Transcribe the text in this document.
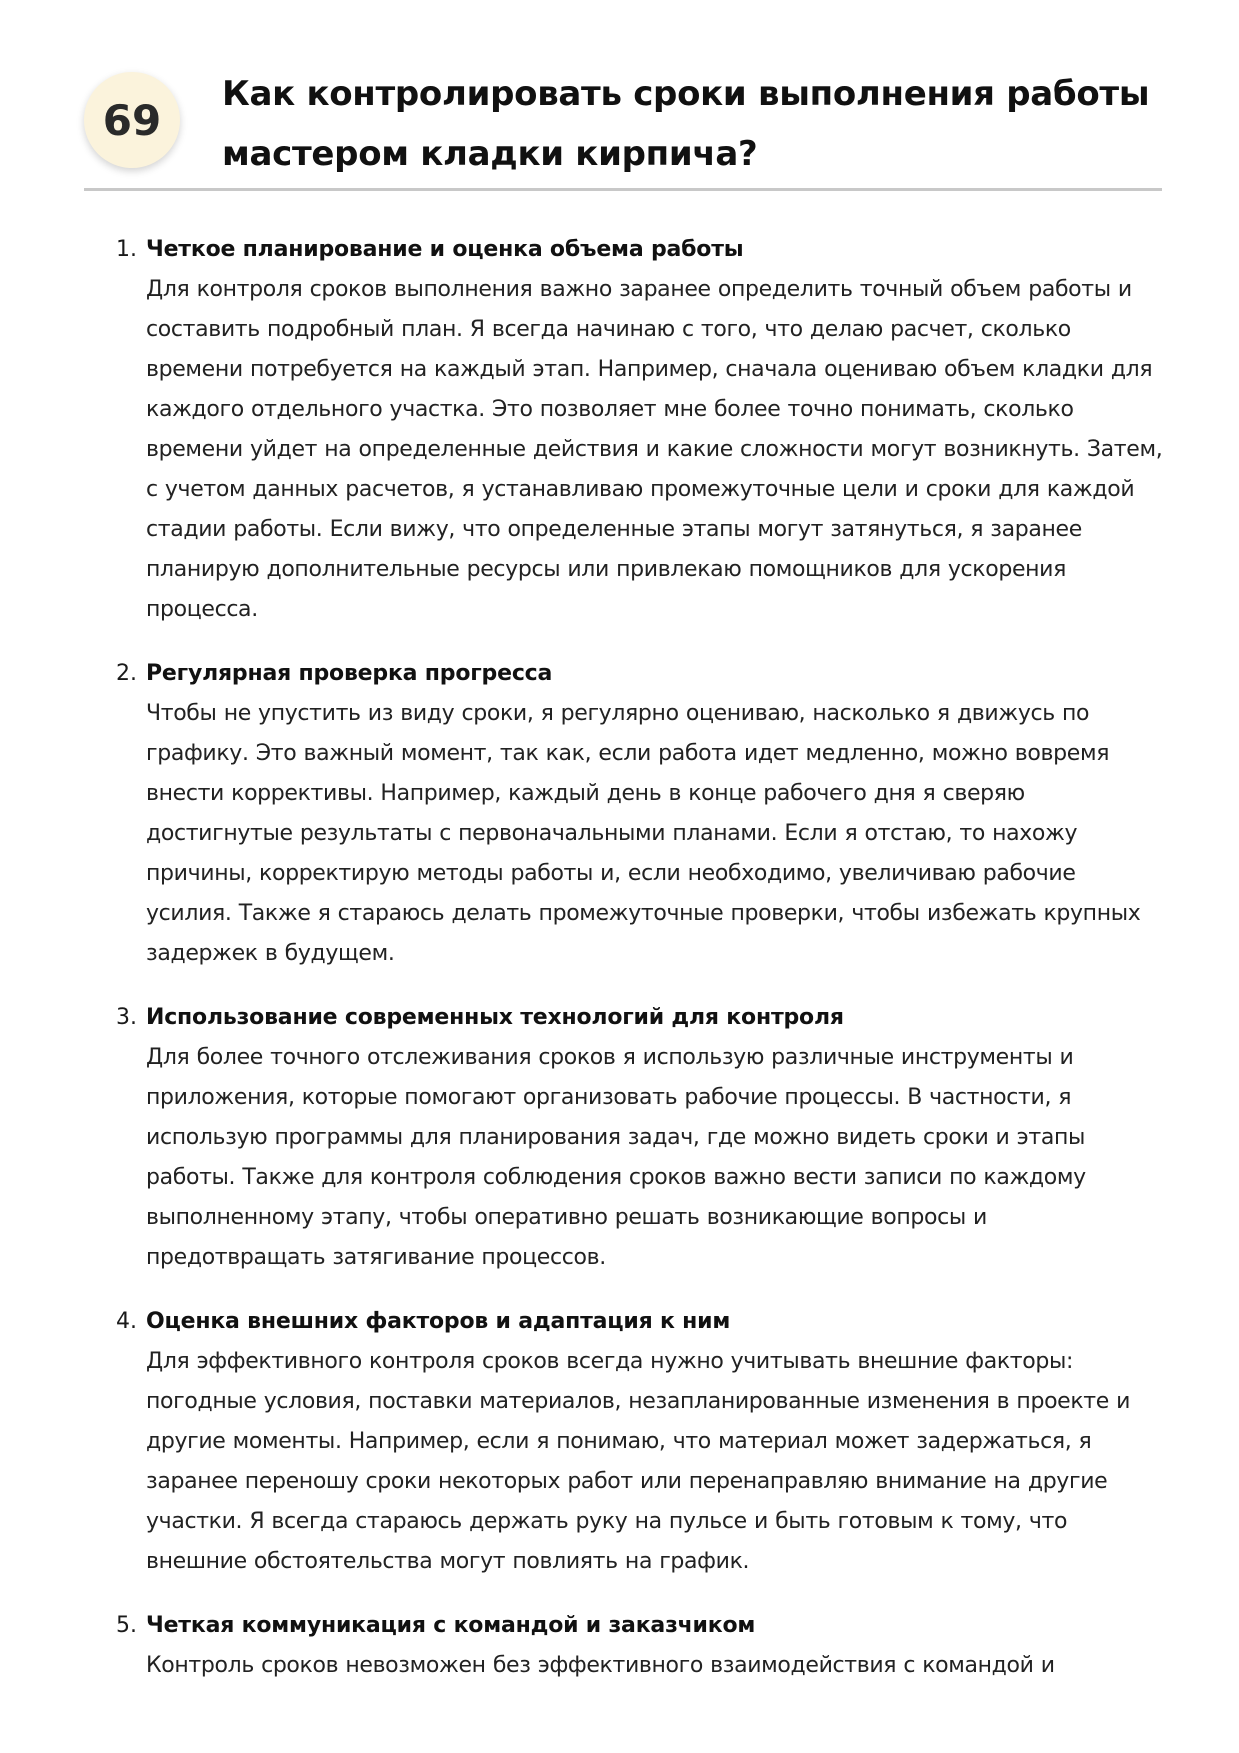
69
Как контролировать сроки выполнения работы мастером кладки кирпича?
1. Четкое планирование и оценка объема работы

Для контроля сроков выполнения важно заранее определить точный объем работы и составить подробный план. Я всегда начинаю с того, что делаю расчет, сколько времени потребуется на каждый этап. Например, сначала оцениваю объем кладки для каждого отдельного участка. Это позволяет мне более точно понимать, сколько времени уйдет на определенные действия и какие сложности могут возникнуть. Затем, с учетом данных расчетов, я устанавливаю промежуточные цели и сроки для каждой стадии работы. Если вижу, что определенные этапы могут затянуться, я заранее планирую дополнительные ресурсы или привлекаю помощников для ускорения процесса.

2. Регулярная проверка прогресса

Чтобы не упустить из виду сроки, я регулярно оцениваю, насколько я движусь по графику. Это важный момент, так как, если работа идет медленно, можно вовремя внести коррективы. Например, каждый день в конце рабочего дня я сверяю достигнутые результаты с первоначальными планами. Если я отстаю, то нахожу причины, корректирую методы работы и, если необходимо, увеличиваю рабочие усилия. Также я стараюсь делать промежуточные проверки, чтобы избежать крупных задержек в будущем.

3. Использование современных технологий для контроля

Для более точного отслеживания сроков я использую различные инструменты и приложения, которые помогают организовать рабочие процессы. В частности, я использую программы для планирования задач, где можно видеть сроки и этапы работы. Также для контроля соблюдения сроков важно вести записи по каждому выполненному этапу, чтобы оперативно решать возникающие вопросы и предотвращать затягивание процессов.

4. Оценка внешних факторов и адаптация к ним

Для эффективного контроля сроков всегда нужно учитывать внешние факторы: погодные условия, поставки материалов, незапланированные изменения в проекте и другие моменты. Например, если я понимаю, что материал может задержаться, я заранее переношу сроки некоторых работ или перенаправляю внимание на другие участки. Я всегда стараюсь держать руку на пульсе и быть готовым к тому, что внешние обстоятельства могут повлиять на график.

5. Четкая коммуникация с командой и заказчиком

Контроль сроков невозможен без эффективного взаимодействия с командой и
